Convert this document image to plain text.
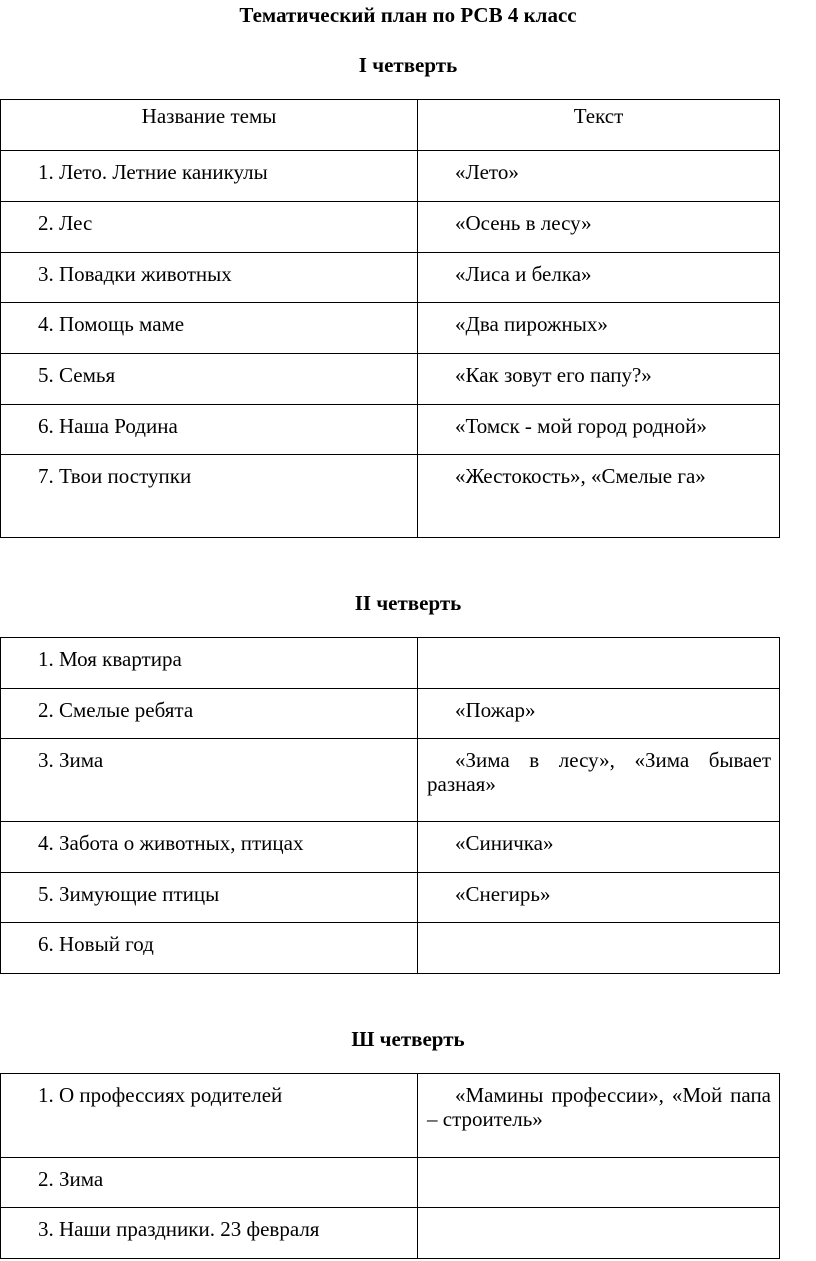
Тематический план по РСВ 4 класс
I четверть
Название темы	Текст

1. Лето. Летние каникулы	«Лето»

2. Лес	«Осень в лесу»

3. Повадки животных	«Лиса и белка»

4. Помощь маме	«Два пирожных»

5. Семья	«Как зовут его папу?»

6. Наша Родина	«Томск - мой город родной»

7. Твои поступки	«Жестокость», «Смелые га»
II четверть
1. Моя квартира	

2. Смелые ребята	«Пожар»

3. Зима	«Зима в лесу», «Зима бывает разная»

4. Забота о животных, птицах	«Синичка»

5. Зимующие птицы	«Снегирь»

6. Новый год	

Ш четверть
1. О профессиях родителей	«Мамины профессии», «Мой папа – строитель»

2. Зима	

3. Наши праздники. 23 февраля	
